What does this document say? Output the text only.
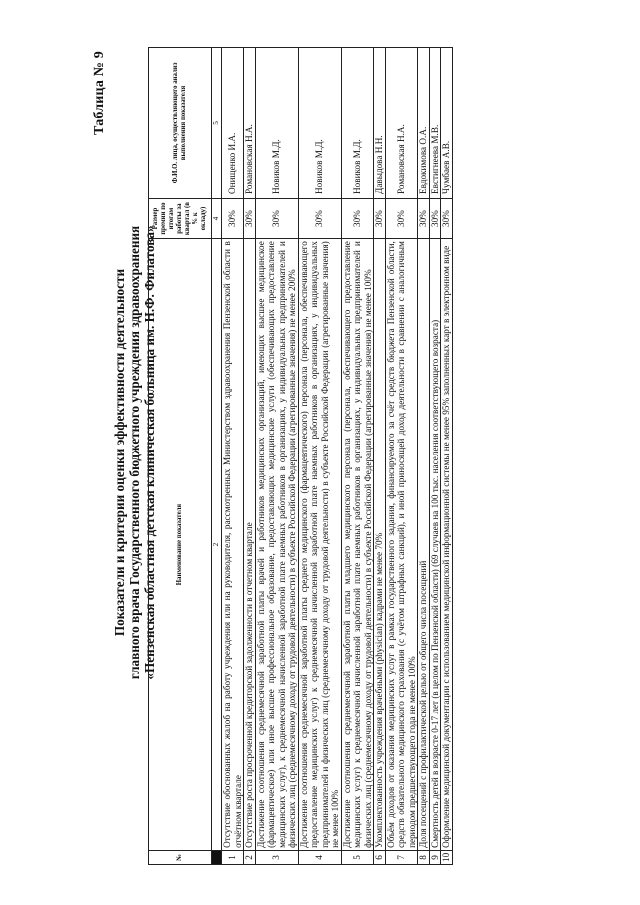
Таблица № 9
Показатели и критерии оценки эффективности деятельности главного врача Государственного бюджетного учреждения здравоохранения «Пензенская областная детская клиническая больница им. Н.Ф. Филатова»
№	Наименование показателя	Размер премии по итогам работы за квартал (в % к окладу)	Ф.И.О. лица, осуществляющего анализ выполнения показателя
	2	4	5
1	Отсутствие обоснованных жалоб на работу учреждения или на руководителя, рассмотренных Министерством здравоохранения Пензенской области в отчётном квартале	30%	Онищенко И.А.
2	Отсутствие роста просроченной кредиторской задолженности в отчетном квартале	30%	Романовская Н.А.
3	Достижение соотношения среднемесячной заработной платы врачей и работников медицинских организаций, имеющих высшее медицинское (фармацевтическое) или иное высшее профессиональное образование, предоставляющих медицинские услуги (обеспечивающих предоставление медицинских услуг), к среднемесячной начисленной заработной плате наемных работников в организациях, у индивидуальных предпринимателей и физических лиц (среднемесячному доходу от трудовой деятельности) в субъекте Российской Федерации (агрегированные значения) не менее 200%	30%	Новиков М.Д.
4	Достижение соотношения среднемесячной заработной платы среднего медицинского (фармацевтического) персонала (персонала, обеспечивающего предоставление медицинских услуг) к среднемесячной начисленной заработной плате наемных работников в организациях, у индивидуальных предпринимателей и физических лиц (среднемесячному доходу от трудовой деятельности) в субъекте Российской Федерации (агрегированные значения) не менее 100%	30%	Новиков М.Д.
5	Достижение соотношения среднемесячной заработной платы младшего медицинского персонала (персонала, обеспечивающего предоставление медицинских услуг) к среднемесячной начисленной заработной плате наемных работников в организациях, у индивидуальных предпринимателей и физических лиц (среднемесячному доходу от трудовой деятельности) в субъекте Российской Федерации (агрегированные значения) не менее 100%	30%	Новиков М.Д.
6	Укомплектованность учреждения врачебными (physician) кадрами не менее 70%	30%	Давыдова Н.Н.
7	Объём доходов от оказания медицинских услуг в рамках государственного задания, финансируемого за счёт средств бюджета Пензенской области, средств обязательного медицинского страхования (с учётом штрафных санкций), и иной приносящей доход деятельности в сравнении с аналогичным периодом предшествующего года не менее 100%	30%	Романовская Н.А.
8	Доля посещений с профилактической целью от общего числа посещений	30%	Евдокимова О.А.
9	Смертность детей в возрасте 0-17 лет (в целом по Пензенской области) (69 случаев на 100 тыс. населения соответствующего возраста)	30%	Евстигнеева М.В.
10	Оформление медицинской документации с использованием медицинской информационной системы не менее 95% заполненных карт в электронном виде	30%	Чумбаев А.В.
